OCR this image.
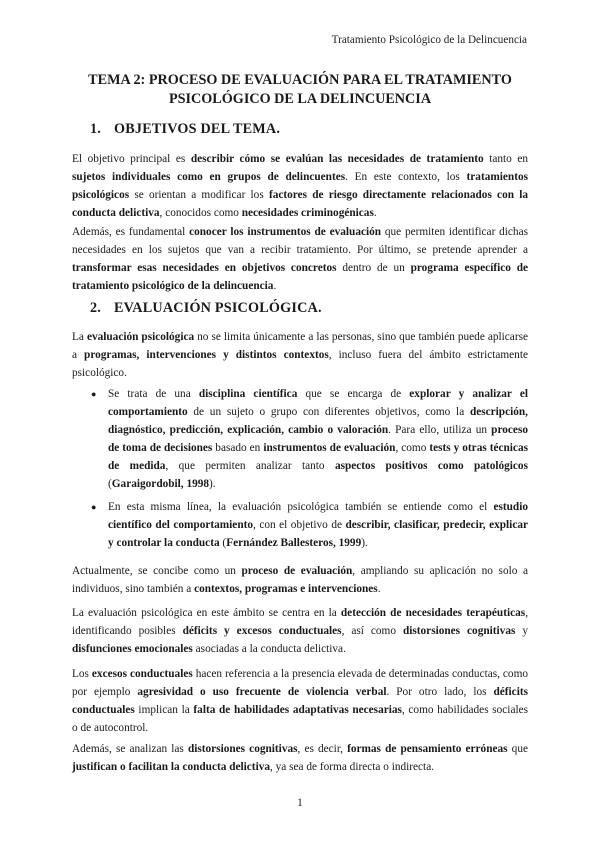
Tratamiento Psicológico de la Delincuencia
TEMA 2: PROCESO DE EVALUACIÓN PARA EL TRATAMIENTO
PSICOLÓGICO DE LA DELINCUENCIA
1. OBJETIVOS DEL TEMA.

El objetivo principal es describir cómo se evalúan las necesidades de tratamiento tanto en sujetos individuales como en grupos de delincuentes. En este contexto, los tratamientos psicológicos se orientan a modificar los factores de riesgo directamente relacionados con la conducta delictiva, conocidos como necesidades criminogénicas.

Además, es fundamental conocer los instrumentos de evaluación que permiten identificar dichas necesidades en los sujetos que van a recibir tratamiento. Por último, se pretende aprender a transformar esas necesidades en objetivos concretos dentro de un programa específico de tratamiento psicológico de la delincuencia.

2. EVALUACIÓN PSICOLÓGICA.

La evaluación psicológica no se limita únicamente a las personas, sino que también puede aplicarse a programas, intervenciones y distintos contextos, incluso fuera del ámbito estrictamente psicológico.

● Se trata de una disciplina científica que se encarga de explorar y analizar el comportamiento de un sujeto o grupo con diferentes objetivos, como la descripción, diagnóstico, predicción, explicación, cambio o valoración. Para ello, utiliza un proceso de toma de decisiones basado en instrumentos de evaluación, como tests y otras técnicas de medida, que permiten analizar tanto aspectos positivos como patológicos (Garaigordobil, 1998).

● En esta misma línea, la evaluación psicológica también se entiende como el estudio científico del comportamiento, con el objetivo de describir, clasificar, predecir, explicar y controlar la conducta (Fernández Ballesteros, 1999).

Actualmente, se concibe como un proceso de evaluación, ampliando su aplicación no solo a individuos, sino también a contextos, programas e intervenciones.

La evaluación psicológica en este ámbito se centra en la detección de necesidades terapéuticas, identificando posibles déficits y excesos conductuales, así como distorsiones cognitivas y disfunciones emocionales asociadas a la conducta delictiva.

Los excesos conductuales hacen referencia a la presencia elevada de determinadas conductas, como por ejemplo agresividad o uso frecuente de violencia verbal. Por otro lado, los déficits conductuales implican la falta de habilidades adaptativas necesarias, como habilidades sociales o de autocontrol.

Además, se analizan las distorsiones cognitivas, es decir, formas de pensamiento erróneas que justifican o facilitan la conducta delictiva, ya sea de forma directa o indirecta.

1
